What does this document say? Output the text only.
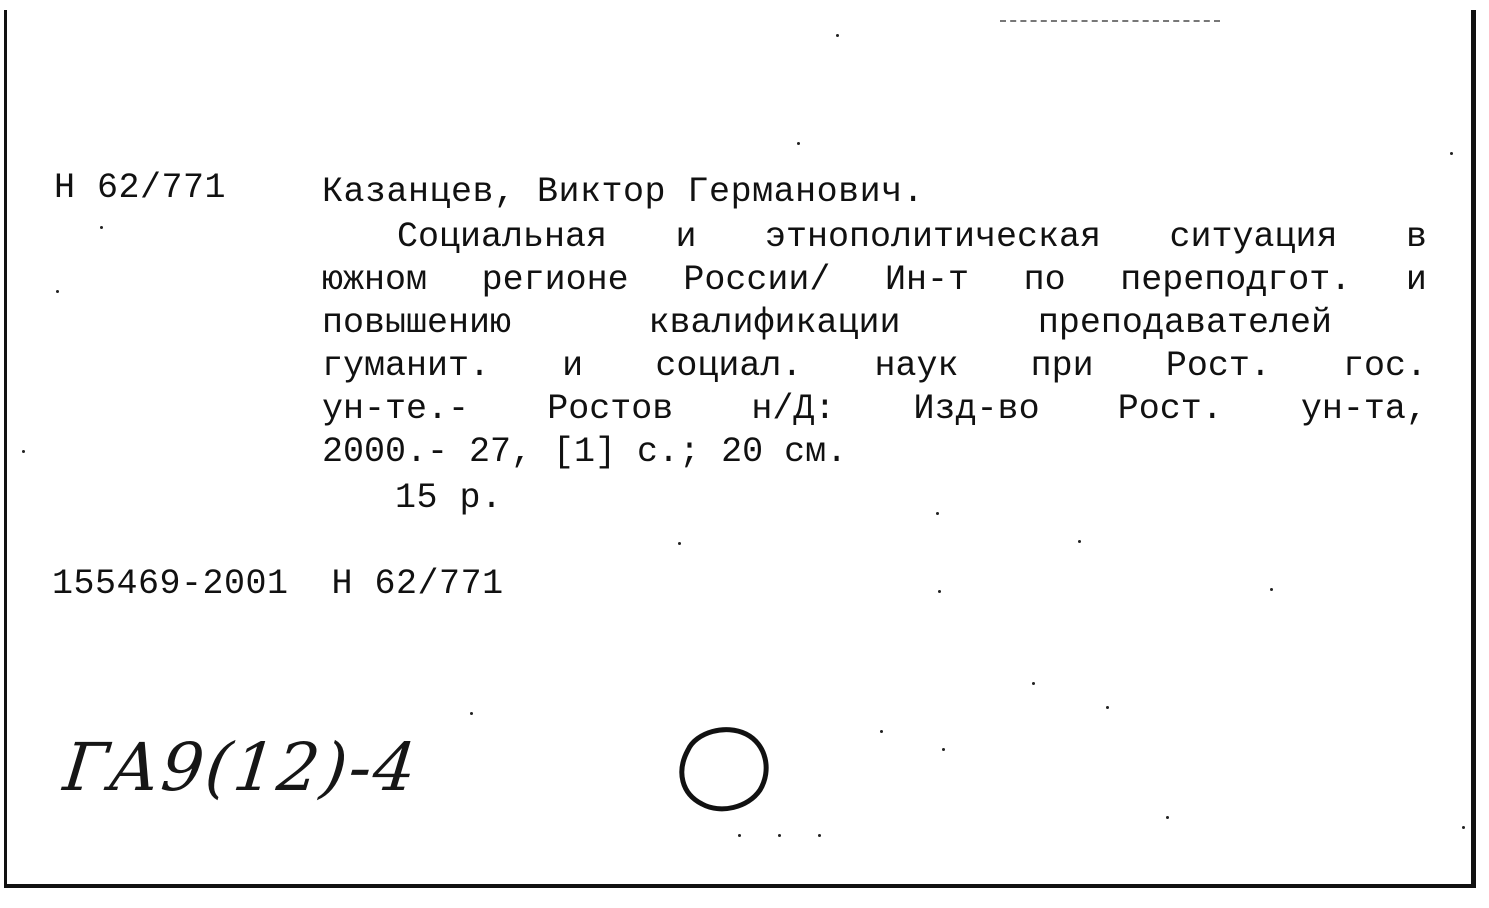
Н 62/771	Казанцев, Виктор Германович.
Социальная и этнополитическая ситуация в
южном регионе России/ Ин-т по переподгот. и
повышению	квалификации	преподавателей
гуманит. и социал. наук при Рост. гос.
ун-те.- Ростов н/Д: Изд-во Рост. ун-та,
2000.- 27, [1] с.; 20 см.
15 р.
155469-2001  Н 62/771
ГА9(12)-4
